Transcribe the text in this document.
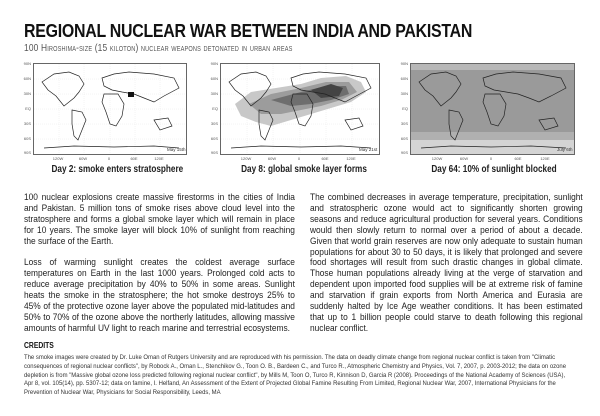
REGIONAL NUCLEAR WAR BETWEEN INDIA AND PAKISTAN
100 Hiroshima-size (15 kiloton) nuclear weapons detonated in urban areas
90N
60N
30N
EQ
30S
60S
90S
120W	60W	0	60E	120E
May 15th
Day 2: smoke enters stratosphere
90N
60N
30N
EQ
30S
60S
90S
120W	60W	0	60E	120E
May 21st
Day 8: global smoke layer forms
90N
60N
30N
EQ
30S
60S
90S
120W	60W	0	60E	120E
July 6th
Day 64: 10% of sunlight blocked

100 nuclear explosions create massive firestorms in the cities of India and Pakistan. 5 million tons of smoke rises above cloud level into the stratosphere and forms a global smoke layer which will remain in place for 10 years. The smoke layer will block 10% of sunlight from reaching the surface of the Earth.

Loss of warming sunlight creates the coldest average surface temperatures on Earth in the last 1000 years. Prolonged cold acts to reduce average precipitation by 40% to 50% in some areas. Sunlight heats the smoke in the stratosphere; the hot smoke destroys 25% to 45% of the protective ozone layer above the populated mid-latitudes and 50% to 70% of the ozone above the northerly latitudes, allowing massive amounts of harmful UV light to reach marine and terrestrial ecosystems.

The combined decreases in average temperature, precipitation, sunlight and stratospheric ozone would act to significantly shorten growing seasons and reduce agricultural production for several years. Conditions would then slowly return to normal over a period of about a decade. Given that world grain reserves are now only adequate to sustain human populations for about 30 to 50 days, it is likely that prolonged and severe food shortages will result from such drastic changes in global climate. Those human populations already living at the verge of starvation and dependent upon imported food supplies will be at extreme risk of famine and starvation if grain exports from North America and Eurasia are suddenly halted by Ice Age weather conditions. It has been estimated that up to 1 billion people could starve to death following this regional nuclear conflict.

CREDITS
The smoke images were created by Dr. Luke Oman of Rutgers University and are reproduced with his permission. The data on deadly climate change from regional nuclear conflict is taken from "Climatic consequences of regional nuclear conflicts", by Robock A., Oman L., Stenchikov G., Toon O. B., Bardeen C., and Turco R., Atmospheric Chemistry and Physics, Vol. 7, 2007, p. 2003-2012; the data on ozone depletion is from "Massive global ozone loss predicted following regional nuclear conflict", by Mills M, Toon O, Turco R, Kinnison D, Garcia R (2008). Proceedings of the National Academy of Sciences (USA), Apr 8, vol. 105(14), pp. 5307-12; data on famine, I. Helfand, An Assessment of the Extent of Projected Global Famine Resulting From Limited, Regional Nuclear War, 2007, International Physicians for the Prevention of Nuclear War, Physicians for Social Responsibility, Leeds, MA
